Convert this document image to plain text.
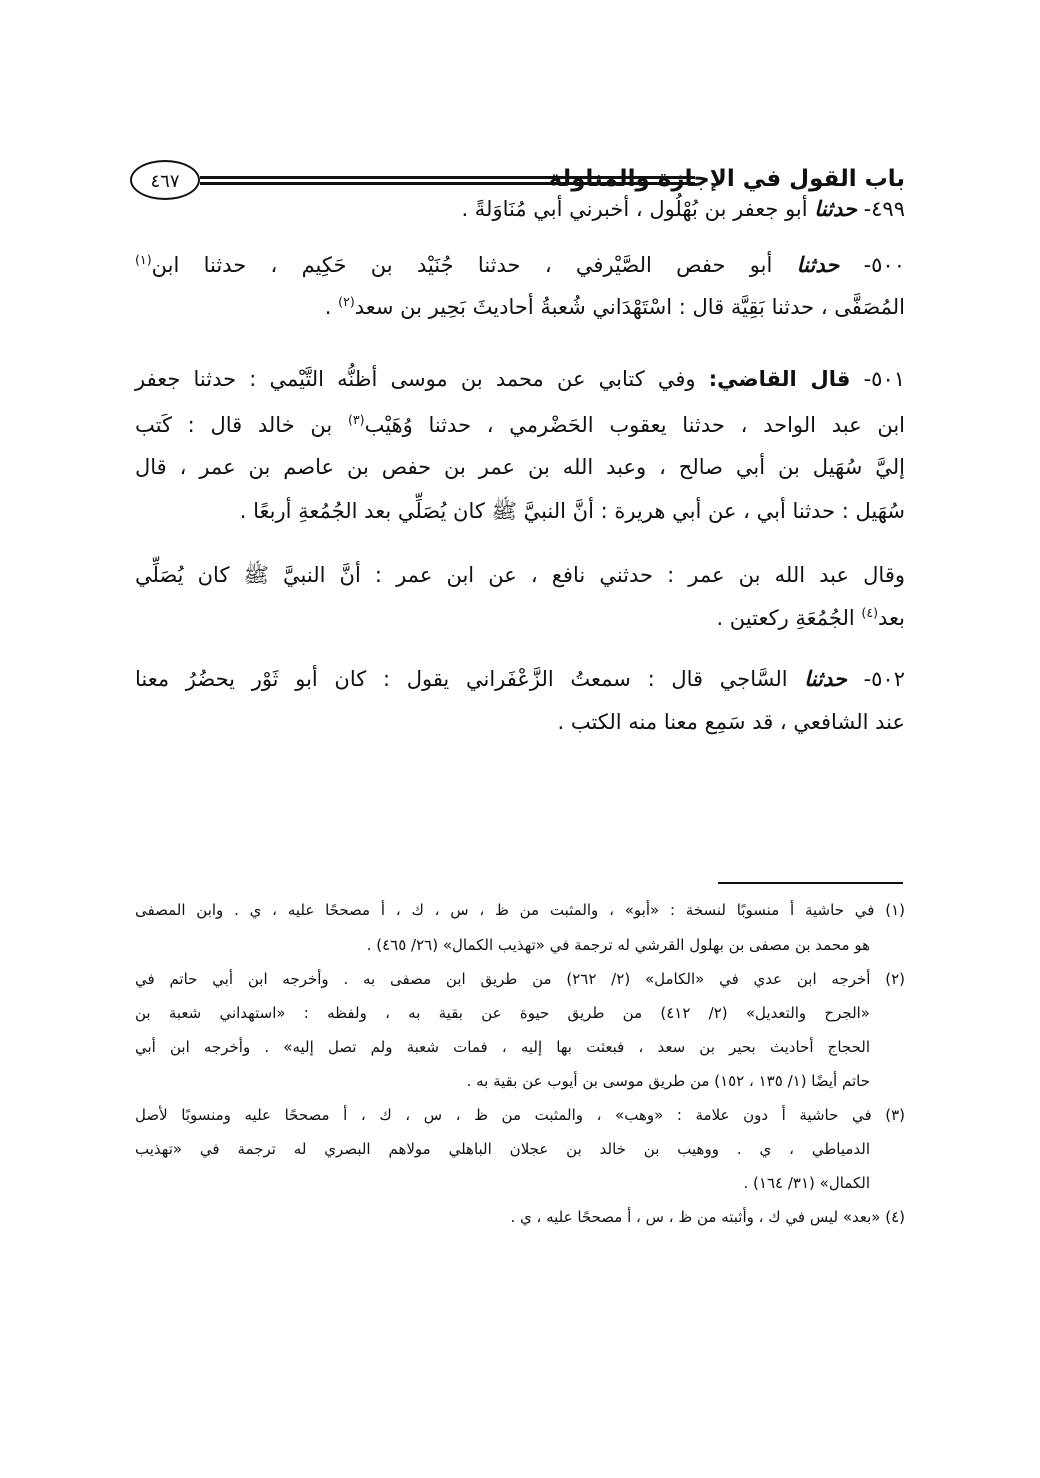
باب القول في الإجازة والمناولة
٤٦٧
٤٩٩- حدثنا أبو جعفر بن بُهْلُول ، أخبرني أبي مُنَاوَلةً .
٥٠٠- حدثنا أبو حفص الصَّيْرفي ، حدثنا جُنَيْد بن حَكِيم ، حدثنا ابن$^{(١)}$
المُصَفَّى ، حدثنا بَقِيَّة قال : اسْتَهْدَاني شُعبةُ أحاديثَ بَحِير بن سعد$^{(٢)}$ .
٥٠١- قال القاضي: وفي كتابي عن محمد بن موسى أظنُّه التَّيْمي : حدثنا جعفر
ابن عبد الواحد ، حدثنا يعقوب الحَضْرمي ، حدثنا وُهَيْب$^{(٣)}$ بن خالد قال : كَتب
إليَّ سُهَيل بن أبي صالح ، وعبد الله بن عمر بن حفص بن عاصم بن عمر ، قال
سُهَيل : حدثنا أبي ، عن أبي هريرة : أنَّ النبيَّ ﷺ كان يُصَلِّي بعد الجُمُعةِ أربعًا .
وقال عبد الله بن عمر : حدثني نافع ، عن ابن عمر : أنَّ النبيَّ ﷺ كان يُصَلِّي
بعد$^{(٤)}$ الجُمُعَةِ ركعتين .
٥٠٢- حدثنا السَّاجي قال : سمعتُ الزَّعْفَراني يقول : كان أبو ثَوْر يحضُرُ معنا
عند الشافعي ، قد سَمِع معنا منه الكتب .
(١) في حاشية أ منسوبًا لنسخة : «أبو» ، والمثبت من ظ ، س ، ك ، أ مصححًا عليه ، ي . وابن المصفى
هو محمد بن مصفى بن بهلول القرشي له ترجمة في «تهذيب الكمال» (٢٦/ ٤٦٥) .
(٢) أخرجه ابن عدي في «الكامل» (٢/ ٢٦٢) من طريق ابن مصفى به . وأخرجه ابن أبي حاتم في
«الجرح والتعديل» (٢/ ٤١٢) من طريق حيوة عن بقية به ، ولفظه : «استهداني شعبة بن
الحجاج أحاديث بحير بن سعد ، فبعثت بها إليه ، فمات شعبة ولم تصل إليه» . وأخرجه ابن أبي
حاتم أيضًا (١/ ١٣٥ ، ١٥٢) من طريق موسى بن أيوب عن بقية به .
(٣) في حاشية أ دون علامة : «وهب» ، والمثبت من ظ ، س ، ك ، أ مصححًا عليه ومنسوبًا لأصل
الدمياطي ، ي . ووهيب بن خالد بن عجلان الباهلي مولاهم البصري له ترجمة في «تهذيب
الكمال» (٣١/ ١٦٤) .
(٤) «بعد» ليس في ك ، وأثبته من ظ ، س ، أ مصححًا عليه ، ي .
